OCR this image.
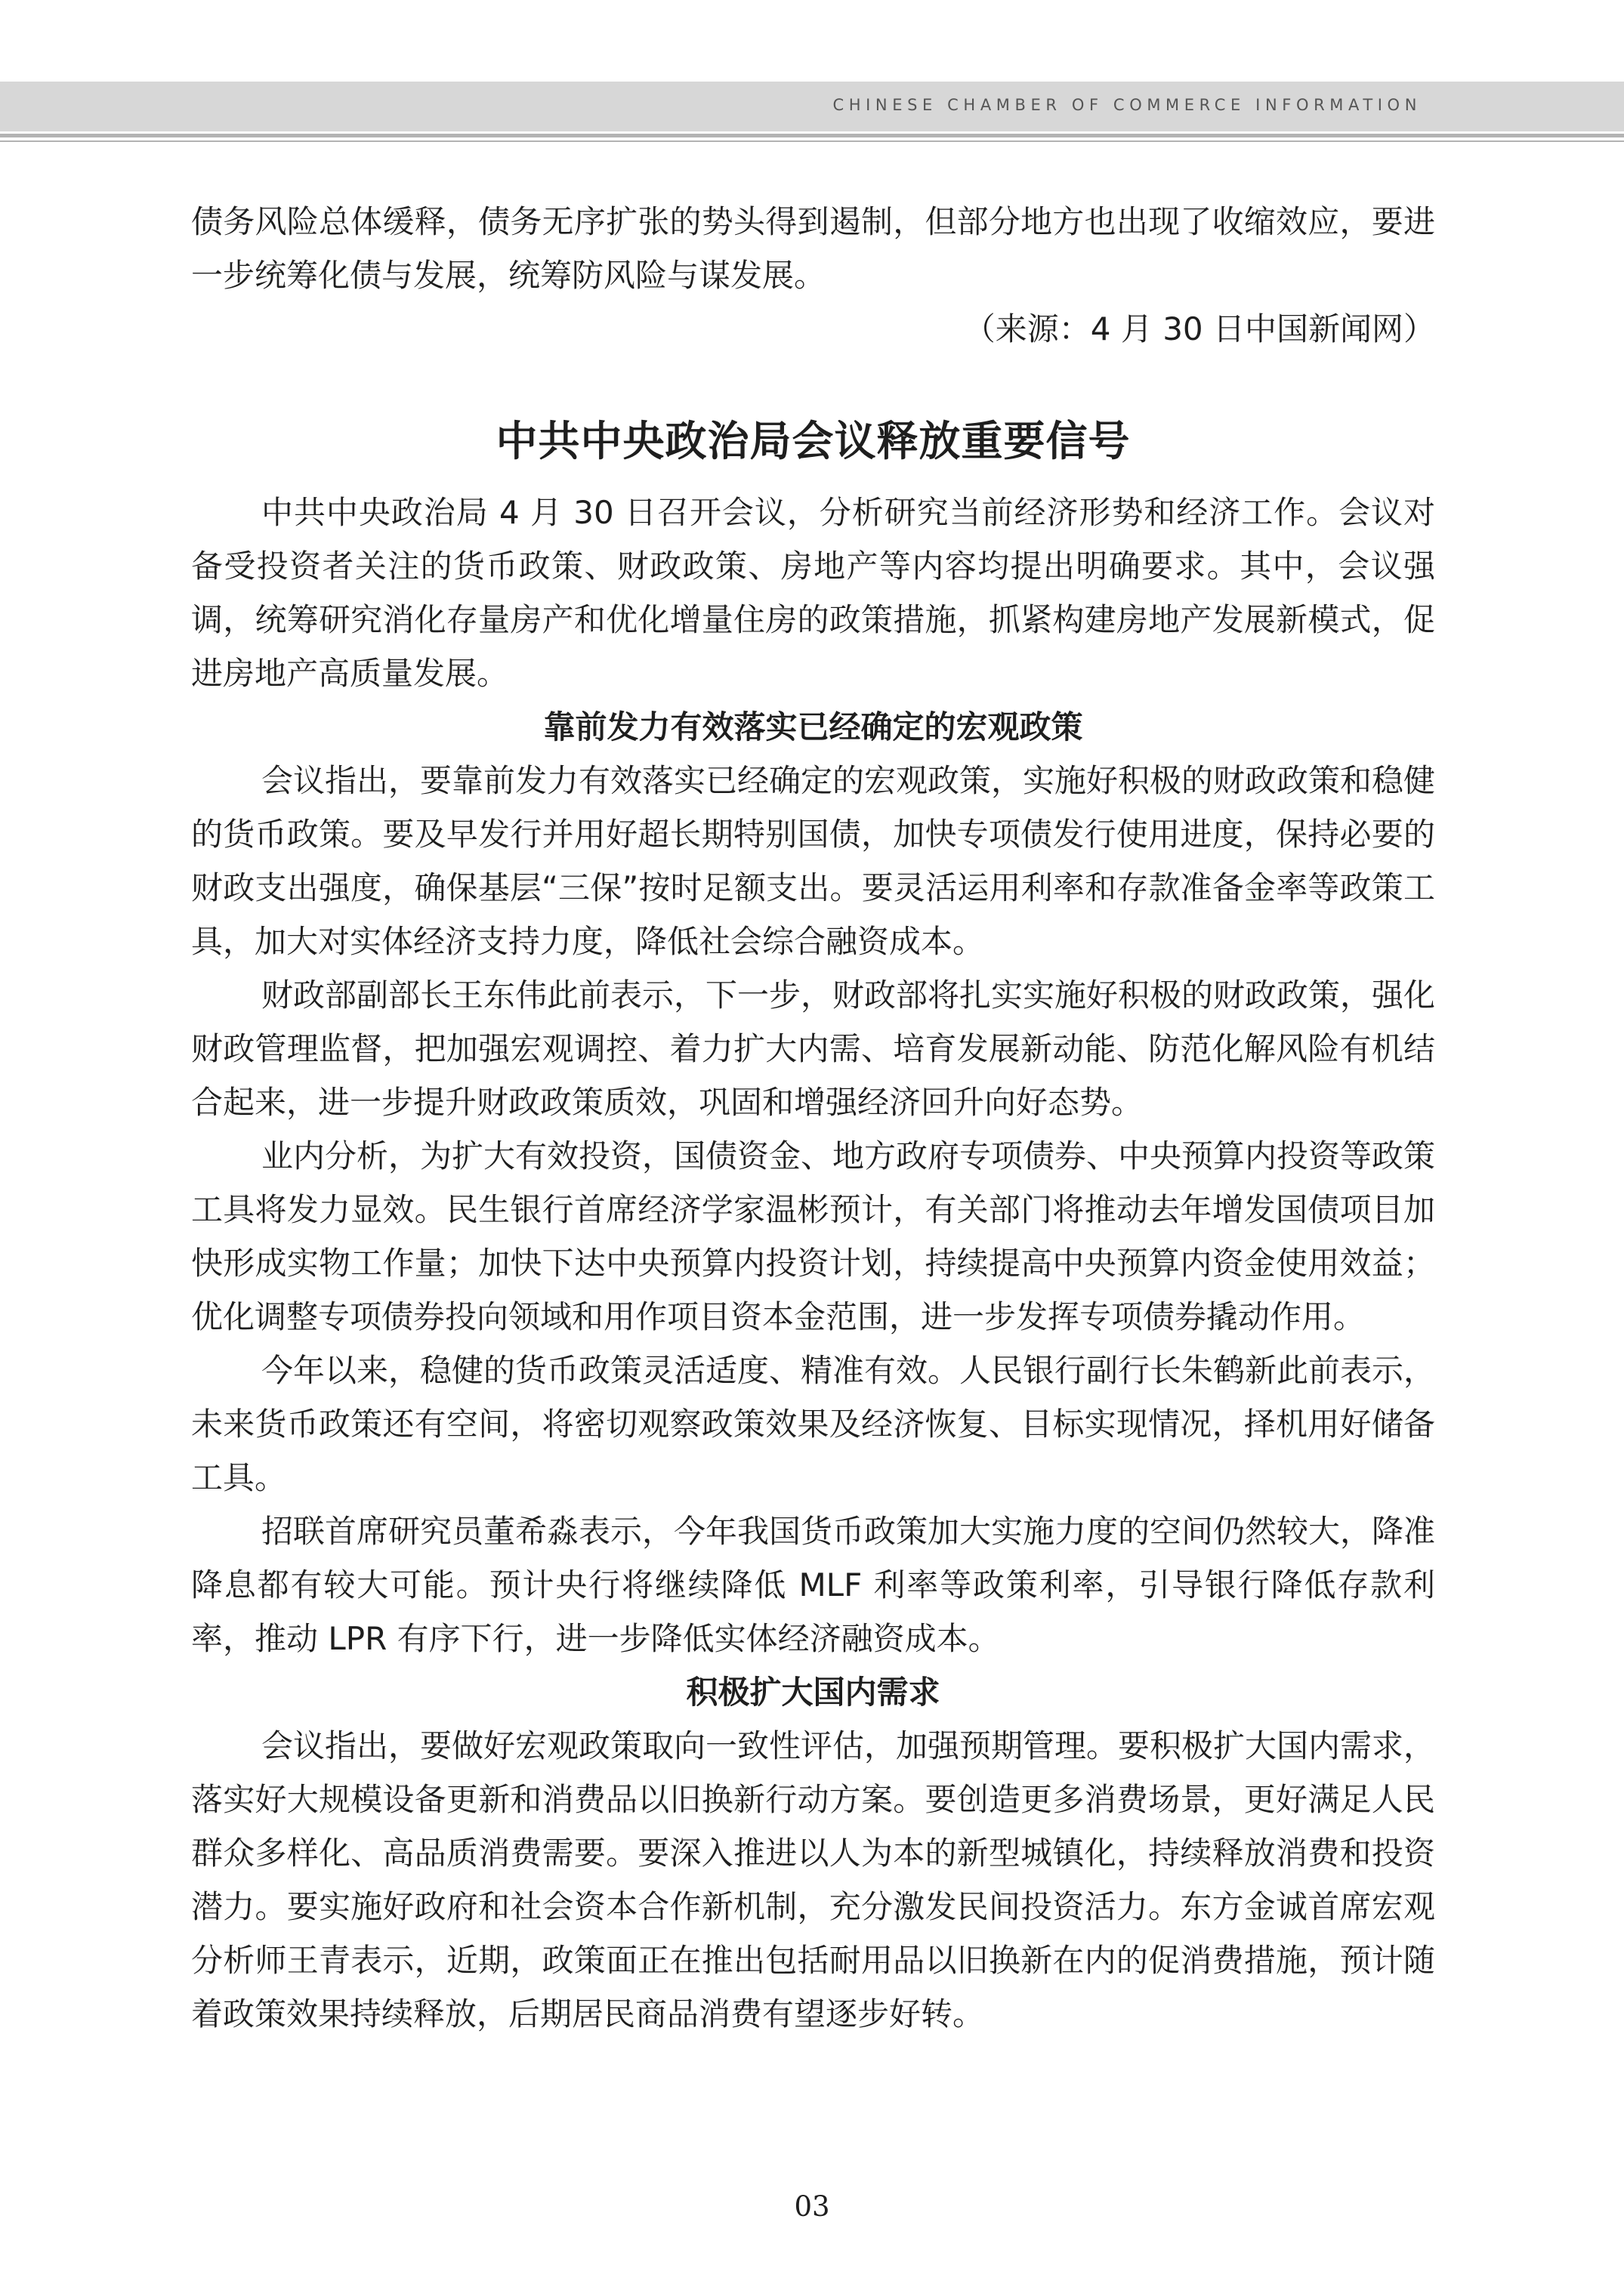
CHINESE CHAMBER OF COMMERCE INFORMATION

债务风险总体缓释，债务无序扩张的势头得到遏制，但部分地方也出现了收缩效应，要进一步统筹化债与发展，统筹防风险与谋发展。
（来源：4 月 30 日中国新闻网）

中共中央政治局会议释放重要信号

中共中央政治局 4 月 30 日召开会议，分析研究当前经济形势和经济工作。会议对备受投资者关注的货币政策、财政政策、房地产等内容均提出明确要求。其中，会议强调，统筹研究消化存量房产和优化增量住房的政策措施，抓紧构建房地产发展新模式，促进房地产高质量发展。

靠前发力有效落实已经确定的宏观政策

会议指出，要靠前发力有效落实已经确定的宏观政策，实施好积极的财政政策和稳健的货币政策。要及早发行并用好超长期特别国债，加快专项债发行使用进度，保持必要的财政支出强度，确保基层“三保”按时足额支出。要灵活运用利率和存款准备金率等政策工具，加大对实体经济支持力度，降低社会综合融资成本。

财政部副部长王东伟此前表示，下一步，财政部将扎实实施好积极的财政政策，强化财政管理监督，把加强宏观调控、着力扩大内需、培育发展新动能、防范化解风险有机结合起来，进一步提升财政政策质效，巩固和增强经济回升向好态势。

业内分析，为扩大有效投资，国债资金、地方政府专项债券、中央预算内投资等政策工具将发力显效。民生银行首席经济学家温彬预计，有关部门将推动去年增发国债项目加快形成实物工作量；加快下达中央预算内投资计划，持续提高中央预算内资金使用效益；优化调整专项债券投向领域和用作项目资本金范围，进一步发挥专项债券撬动作用。

今年以来，稳健的货币政策灵活适度、精准有效。人民银行副行长朱鹤新此前表示，未来货币政策还有空间，将密切观察政策效果及经济恢复、目标实现情况，择机用好储备工具。

招联首席研究员董希淼表示，今年我国货币政策加大实施力度的空间仍然较大，降准降息都有较大可能。预计央行将继续降低 MLF 利率等政策利率，引导银行降低存款利率，推动 LPR 有序下行，进一步降低实体经济融资成本。

积极扩大国内需求

会议指出，要做好宏观政策取向一致性评估，加强预期管理。要积极扩大国内需求，落实好大规模设备更新和消费品以旧换新行动方案。要创造更多消费场景，更好满足人民群众多样化、高品质消费需要。要深入推进以人为本的新型城镇化，持续释放消费和投资潜力。要实施好政府和社会资本合作新机制，充分激发民间投资活力。东方金诚首席宏观分析师王青表示，近期，政策面正在推出包括耐用品以旧换新在内的促消费措施，预计随着政策效果持续释放，后期居民商品消费有望逐步好转。

03
